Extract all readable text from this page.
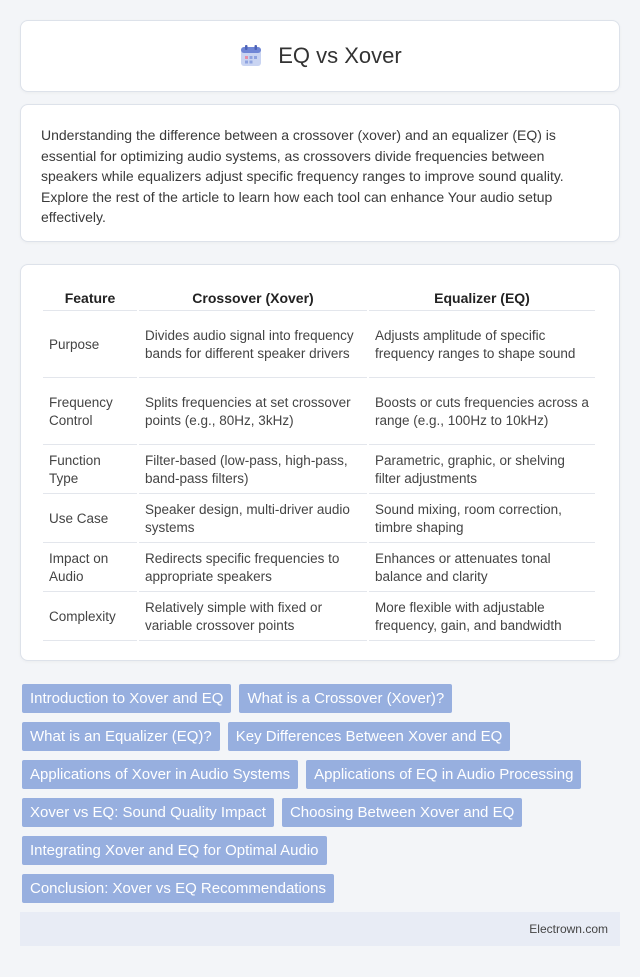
EQ vs Xover

Understanding the difference between a crossover (xover) and an equalizer (EQ) is essential for optimizing audio systems, as crossovers divide frequencies between speakers while equalizers adjust specific frequency ranges to improve sound quality. Explore the rest of the article to learn how each tool can enhance Your audio setup effectively.

Feature	Crossover (Xover)	Equalizer (EQ)
Purpose	Divides audio signal into frequency bands for different speaker drivers	Adjusts amplitude of specific frequency ranges to shape sound
Frequency Control	Splits frequencies at set crossover points (e.g., 80Hz, 3kHz)	Boosts or cuts frequencies across a range (e.g., 100Hz to 10kHz)
Function Type	Filter-based (low-pass, high-pass, band-pass filters)	Parametric, graphic, or shelving filter adjustments
Use Case	Speaker design, multi-driver audio systems	Sound mixing, room correction, timbre shaping
Impact on Audio	Redirects specific frequencies to appropriate speakers	Enhances or attenuates tonal balance and clarity
Complexity	Relatively simple with fixed or variable crossover points	More flexible with adjustable frequency, gain, and bandwidth
Introduction to Xover and EQ	What is a Crossover (Xover)?
What is an Equalizer (EQ)?	Key Differences Between Xover and EQ
Applications of Xover in Audio Systems	Applications of EQ in Audio Processing
Xover vs EQ: Sound Quality Impact	Choosing Between Xover and EQ
Integrating Xover and EQ for Optimal Audio
Conclusion: Xover vs EQ Recommendations
Electrown.com
